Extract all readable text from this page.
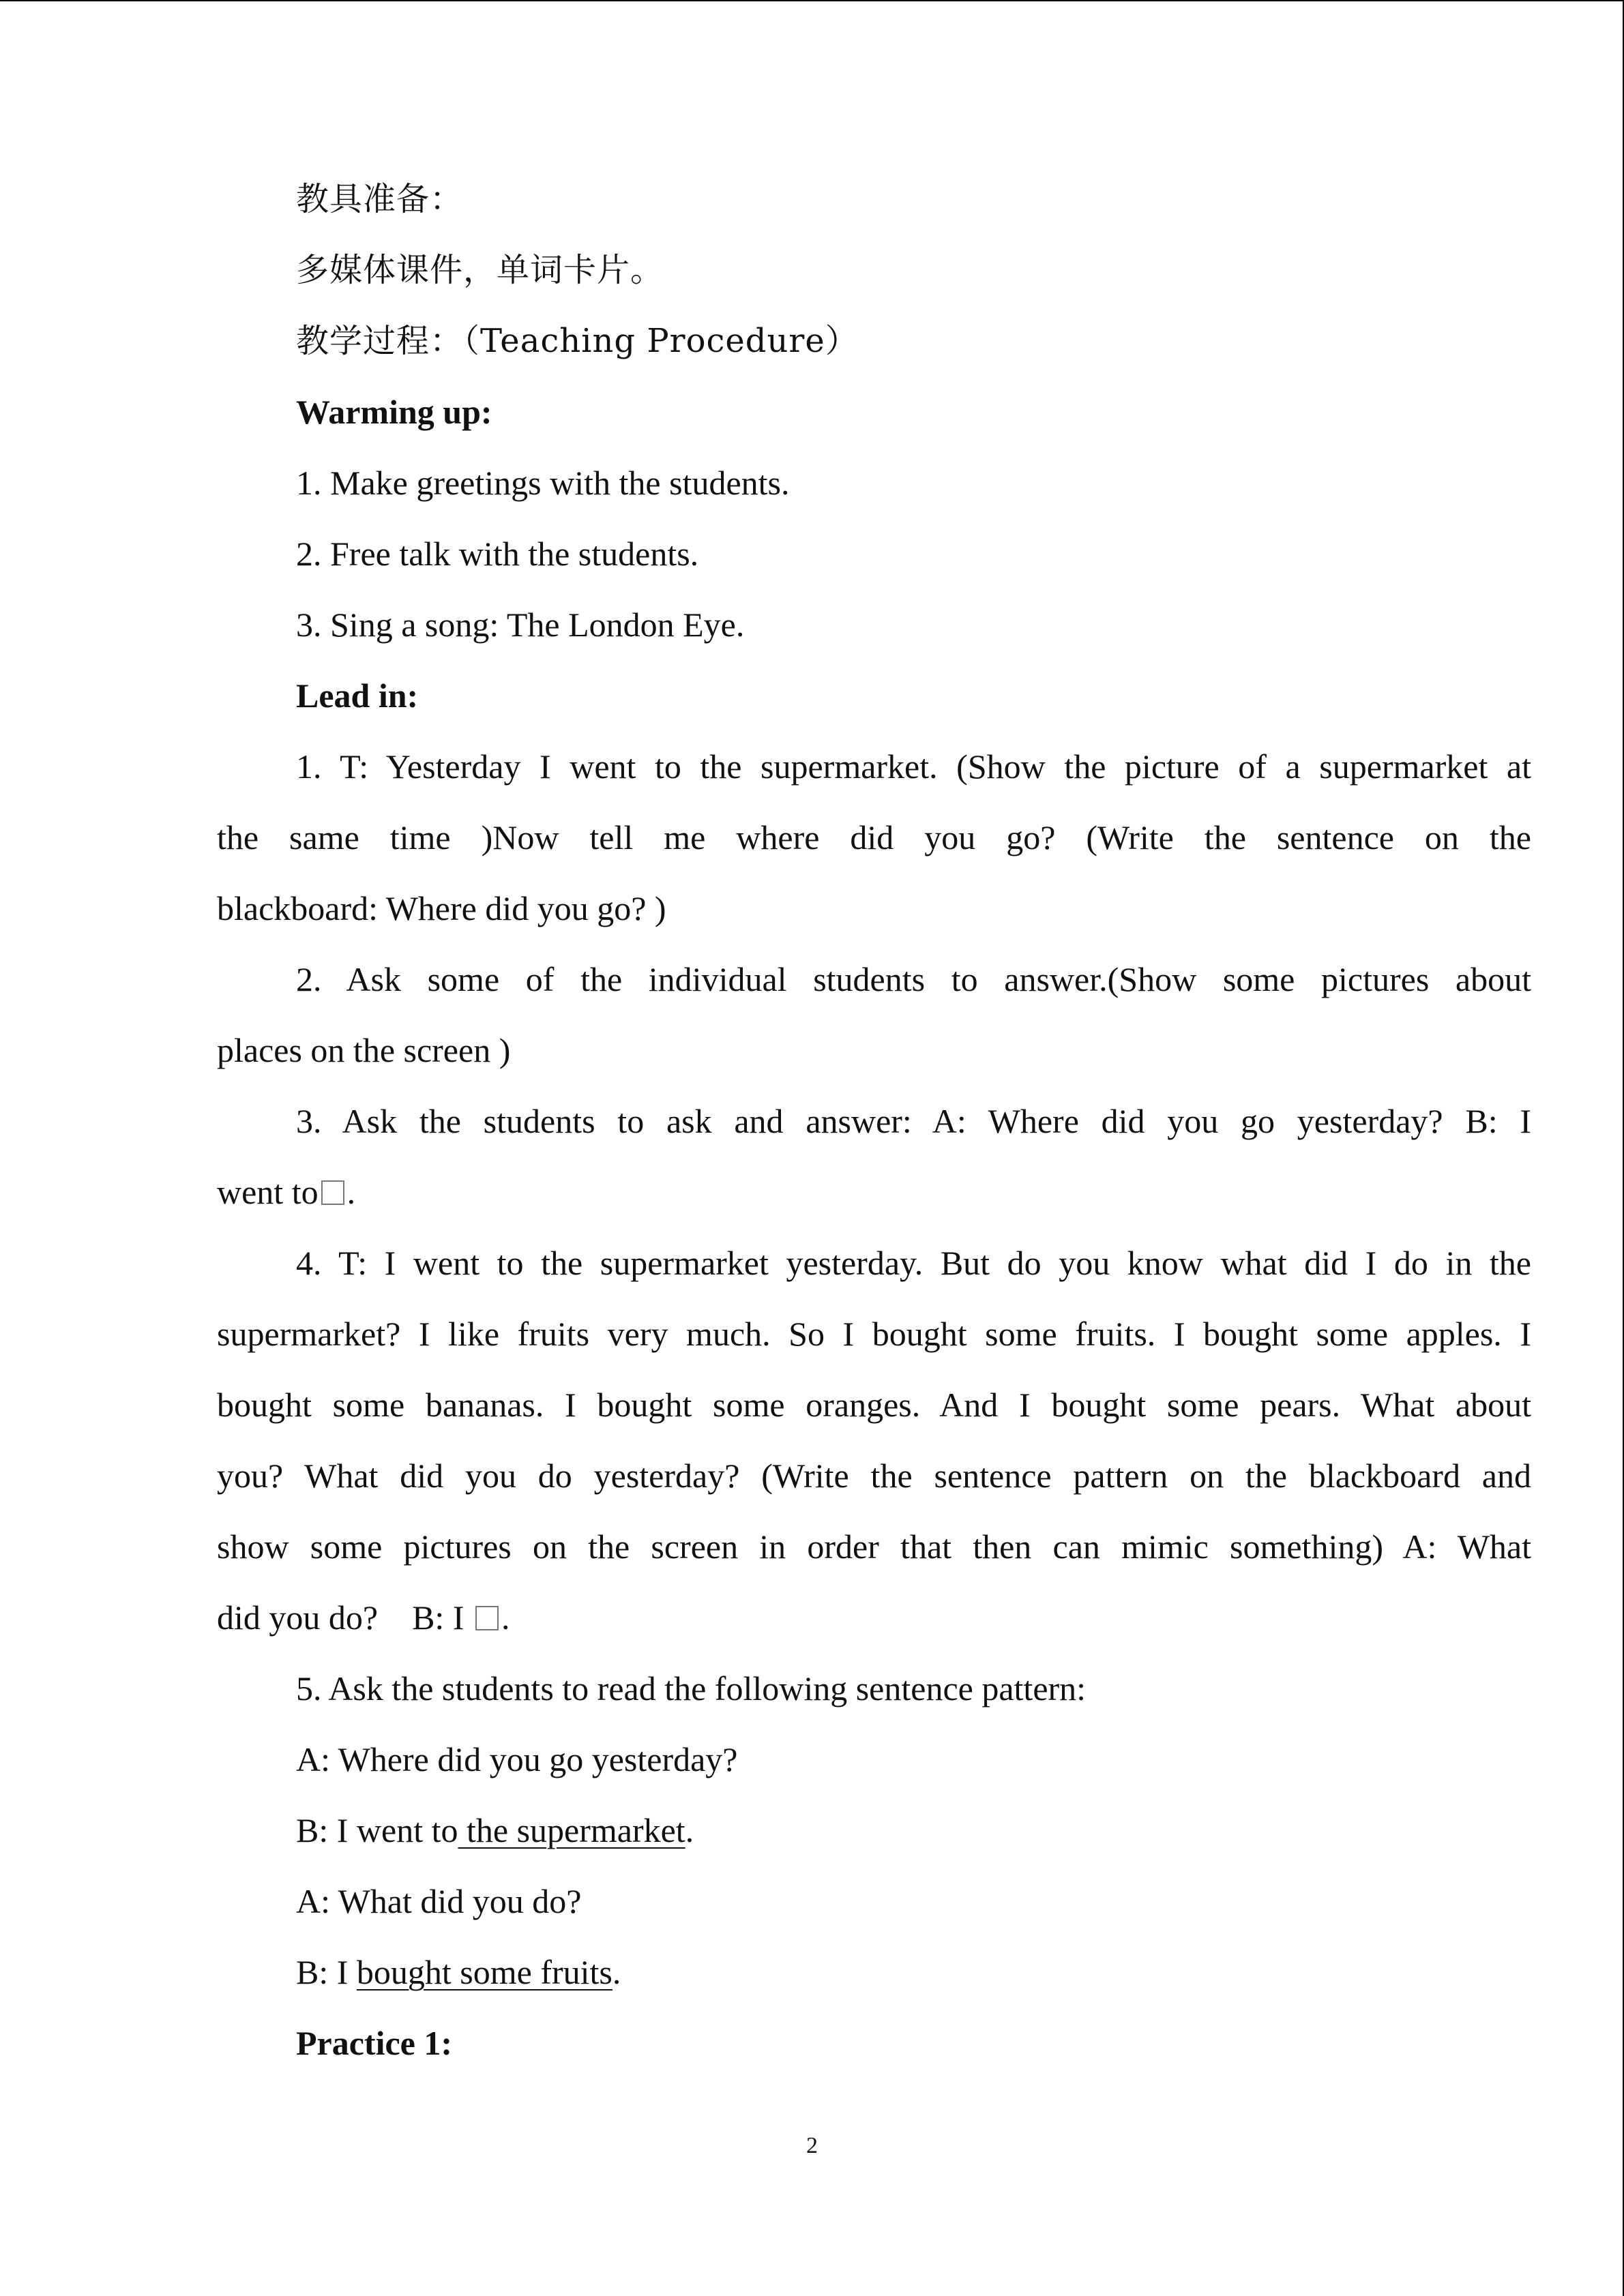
教具准备：

多媒体课件，单词卡片。

教学过程：（Teaching Procedure）

Warming up:

1. Make greetings with the students.

2. Free talk with the students.

3. Sing a song: The London Eye.

Lead in:

1. T: Yesterday I went to the supermarket. (Show the picture of a supermarket at

the same time )Now tell me where did you go? (Write the sentence on the

blackboard: Where did you go? )

2. Ask some of the individual students to answer.(Show some pictures about

places on the screen )

3. Ask the students to ask and answer: A: Where did you go yesterday? B: I

went to .

4. T: I went to the supermarket yesterday. But do you know what did I do in the

supermarket? I like fruits very much. So I bought some fruits. I bought some apples. I

bought some bananas. I bought some oranges. And I bought some pears. What about

you? What did you do yesterday? (Write the sentence pattern on the blackboard and

show some pictures on the screen in order that then can mimic something) A: What

did you do?    B: I .

5. Ask the students to read the following sentence pattern:

A: Where did you go yesterday?

B: I went to the supermarket.

A: What did you do?

B: I bought some fruits.

Practice 1:

2
